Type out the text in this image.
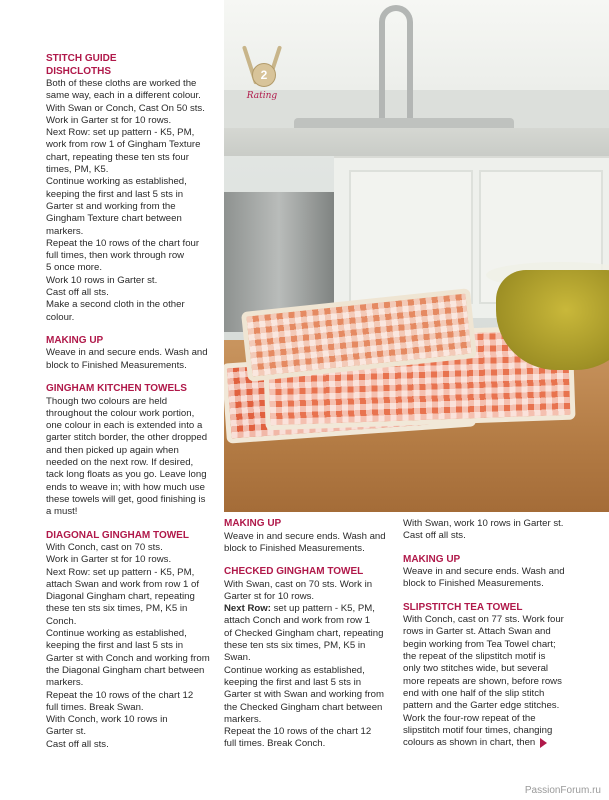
2
Rating

STITCH GUIDE

DISHCLOTHS

Both of these cloths are worked the
same way, each in a different colour.
With Swan or Conch, Cast On 50 sts.
Work in Garter st for 10 rows.
Next Row: set up pattern - K5, PM,
work from row 1 of Gingham Texture
chart, repeating these ten sts four
times, PM, K5.
Continue working as established,
keeping the first and last 5 sts in
Garter st and working from the
Gingham Texture chart between
markers.
Repeat the 10 rows of the chart four
full times, then work through row
5 once more.
Work 10 rows in Garter st.
Cast off all sts.
Make a second cloth in the other
colour.

MAKING UP

Weave in and secure ends. Wash and
block to Finished Measurements.

GINGHAM KITCHEN TOWELS

Though two colours are held
throughout the colour work portion,
one colour in each is extended into a
garter stitch border, the other dropped
and then picked up again when
needed on the next row. If desired,
tack long floats as you go. Leave long
ends to weave in; with how much use
these towels will get, good finishing is
a must!

DIAGONAL GINGHAM TOWEL

With Conch, cast on 70 sts.
Work in Garter st for 10 rows.
Next Row: set up pattern - K5, PM,
attach Swan and work from row 1 of
Diagonal Gingham chart, repeating
these ten sts six times, PM, K5 in
Conch.
Continue working as established,
keeping the first and last 5 sts in
Garter st with Conch and working from
the Diagonal Gingham chart between
markers.
Repeat the 10 rows of the chart 12
full times. Break Swan.
With Conch, work 10 rows in
Garter st.
Cast off all sts.

MAKING UP

Weave in and secure ends. Wash and
block to Finished Measurements.

CHECKED GINGHAM TOWEL

With Swan, cast on 70 sts. Work in
Garter st for 10 rows.

Next Row: set up pattern - K5, PM,
attach Conch and work from row 1
of Checked Gingham chart, repeating
these ten sts six times, PM, K5 in
Swan.
Continue working as established,
keeping the first and last 5 sts in
Garter st with Swan and working from
the Checked Gingham chart between
markers.
Repeat the 10 rows of the chart 12
full times. Break Conch.

With Swan, work 10 rows in Garter st.
Cast off all sts.

MAKING UP

Weave in and secure ends. Wash and
block to Finished Measurements.

SLIPSTITCH TEA TOWEL

With Conch, cast on 77 sts. Work four
rows in Garter st. Attach Swan and
begin working from Tea Towel chart;
the repeat of the slipstitch motif is
only two stitches wide, but several
more repeats are shown, before rows
end with one half of the slip stitch
pattern and the Garter edge stitches.
Work the four-row repeat of the
slipstitch motif four times, changing
colours as shown in chart, then

PassionForum.ru
